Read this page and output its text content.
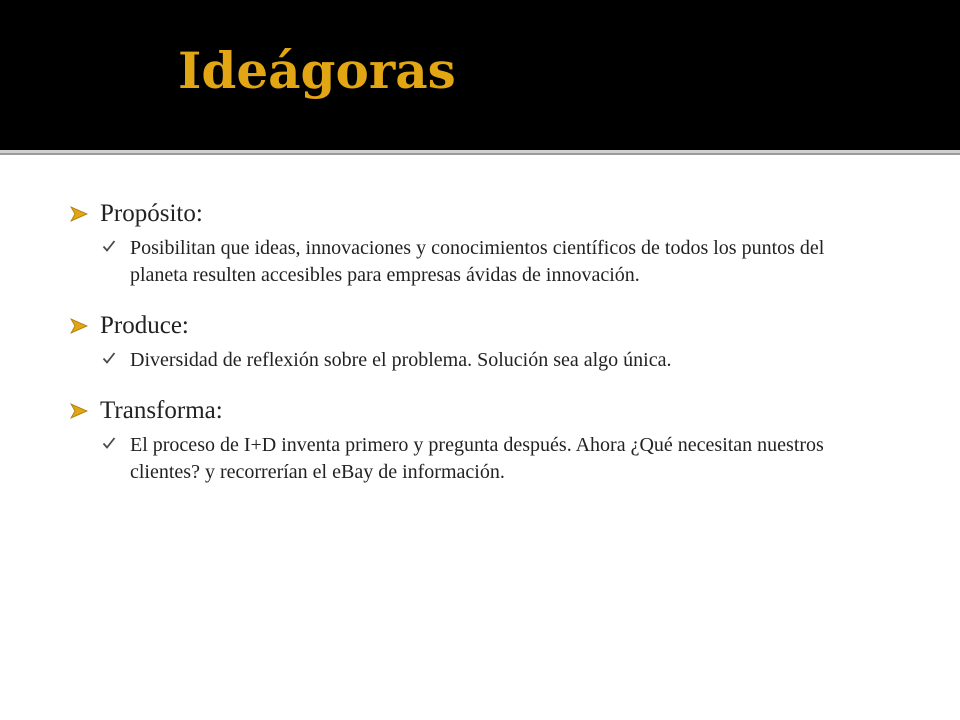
Ideágoras
Propósito:
Posibilitan que ideas, innovaciones y conocimientos científicos de todos los puntos del planeta resulten accesibles para empresas ávidas de innovación.
Produce:
Diversidad de reflexión sobre el problema. Solución sea algo única.
Transforma:
El proceso de I+D inventa primero y pregunta después. Ahora ¿Qué necesitan nuestros clientes? y recorrerían el eBay de información.
